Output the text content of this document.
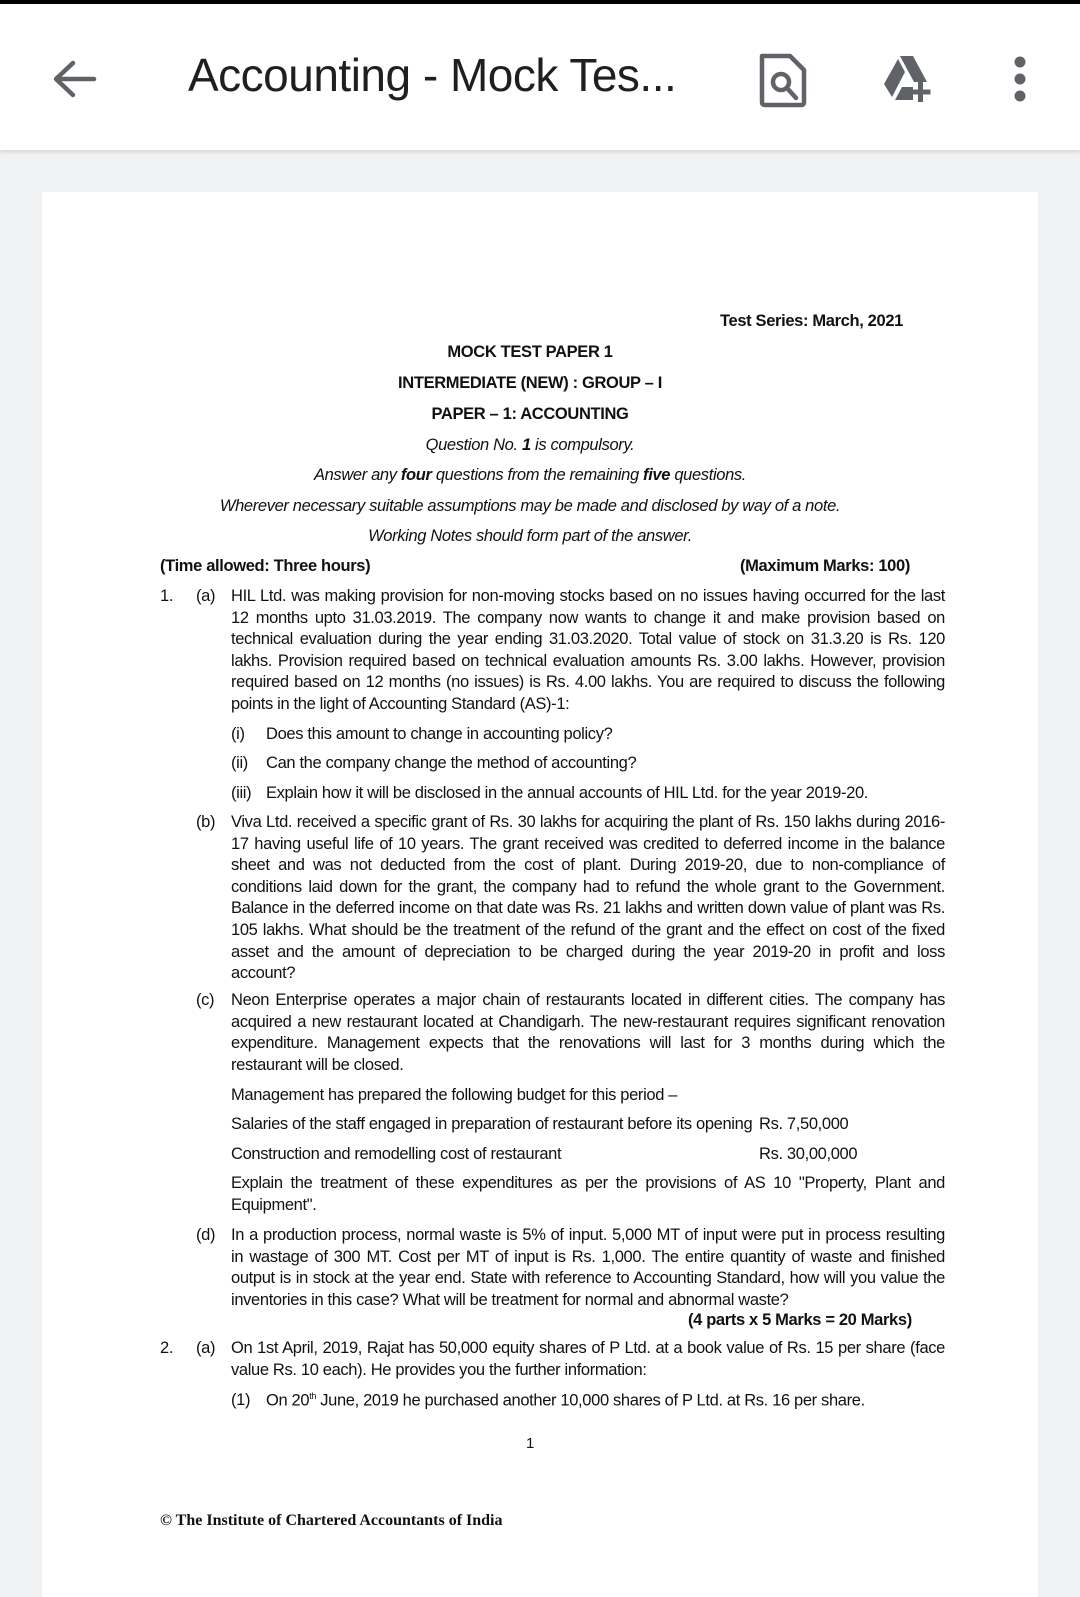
Accounting - Mock Tes...
Test Series: March, 2021
MOCK TEST PAPER 1
INTERMEDIATE (NEW) : GROUP – I
PAPER – 1: ACCOUNTING
Question No. 1 is compulsory.
Answer any four questions from the remaining five questions.
Wherever necessary suitable assumptions may be made and disclosed by way of a note.
Working Notes should form part of the answer.
(Time allowed: Three hours)	(Maximum Marks: 100)
1. (a) HIL Ltd. was making provision for non-moving stocks based on no issues having occurred for the last 12 months upto 31.03.2019. The company now wants to change it and make provision based on technical evaluation during the year ending 31.03.2020. Total value of stock on 31.3.20 is Rs. 120 lakhs. Provision required based on technical evaluation amounts Rs. 3.00 lakhs. However, provision required based on 12 months (no issues) is Rs. 4.00 lakhs. You are required to discuss the following points in the light of Accounting Standard (AS)-1:
(i) Does this amount to change in accounting policy?
(ii) Can the company change the method of accounting?
(iii) Explain how it will be disclosed in the annual accounts of HIL Ltd. for the year 2019-20.
(b) Viva Ltd. received a specific grant of Rs. 30 lakhs for acquiring the plant of Rs. 150 lakhs during 2016-17 having useful life of 10 years. The grant received was credited to deferred income in the balance sheet and was not deducted from the cost of plant. During 2019-20, due to non-compliance of conditions laid down for the grant, the company had to refund the whole grant to the Government. Balance in the deferred income on that date was Rs. 21 lakhs and written down value of plant was Rs. 105 lakhs. What should be the treatment of the refund of the grant and the effect on cost of the fixed asset and the amount of depreciation to be charged during the year 2019-20 in profit and loss account?
(c) Neon Enterprise operates a major chain of restaurants located in different cities. The company has acquired a new restaurant located at Chandigarh. The new-restaurant requires significant renovation expenditure. Management expects that the renovations will last for 3 months during which the restaurant will be closed.
Management has prepared the following budget for this period –
Salaries of the staff engaged in preparation of restaurant before its opening Rs. 7,50,000
Construction and remodelling cost of restaurant	Rs. 30,00,000
Explain the treatment of these expenditures as per the provisions of AS 10 "Property, Plant and Equipment".
(d) In a production process, normal waste is 5% of input. 5,000 MT of input were put in process resulting in wastage of 300 MT. Cost per MT of input is Rs. 1,000. The entire quantity of waste and finished output is in stock at the year end. State with reference to Accounting Standard, how will you value the inventories in this case? What will be treatment for normal and abnormal waste?
(4 parts x 5 Marks = 20 Marks)
2. (a) On 1st April, 2019, Rajat has 50,000 equity shares of P Ltd. at a book value of Rs. 15 per share (face value Rs. 10 each). He provides you the further information:
(1) On 20th June, 2019 he purchased another 10,000 shares of P Ltd. at Rs. 16 per share.
1
© The Institute of Chartered Accountants of India
